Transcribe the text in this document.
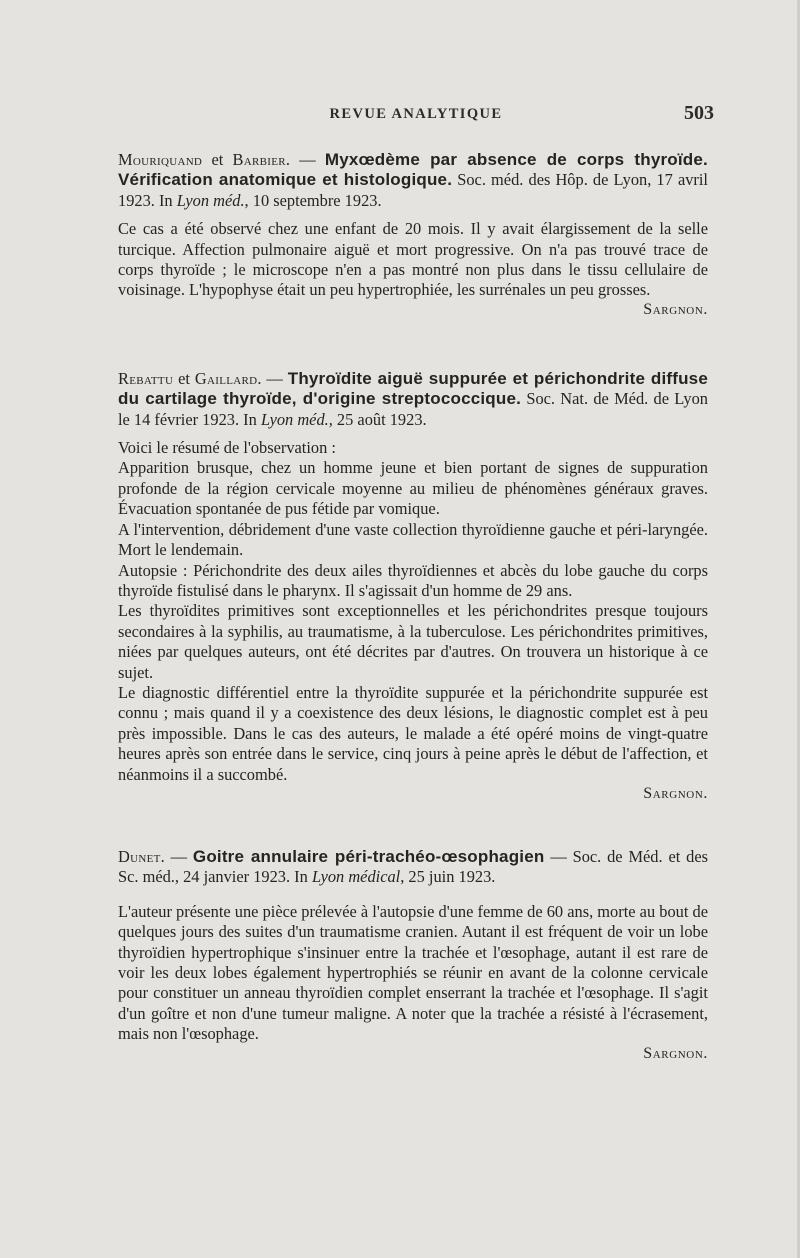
REVUE ANALYTIQUE	503

Mouriquand et Barbier. — Myxœdème par absence de corps thyroïde. Vérification anatomique et histologique. Soc. méd. des Hôp. de Lyon, 17 avril 1923. In Lyon méd., 10 septembre 1923.

Ce cas a été observé chez une enfant de 20 mois. Il y avait élargissement de la selle turcique. Affection pulmonaire aiguë et mort progressive. On n'a pas trouvé trace de corps thyroïde ; le microscope n'en a pas montré non plus dans le tissu cellulaire de voisinage. L'hypophyse était un peu hypertrophiée, les surrénales un peu grosses.

Sargnon.

Rebattu et Gaillard. — Thyroïdite aiguë suppurée et périchondrite diffuse du cartilage thyroïde, d'origine streptococcique. Soc. Nat. de Méd. de Lyon le 14 février 1923. In Lyon méd., 25 août 1923.

Voici le résumé de l'observation :

Apparition brusque, chez un homme jeune et bien portant de signes de suppuration profonde de la région cervicale moyenne au milieu de phénomènes généraux graves. Évacuation spontanée de pus fétide par vomique.

A l'intervention, débridement d'une vaste collection thyroïdienne gauche et péri-laryngée. Mort le lendemain.

Autopsie : Périchondrite des deux ailes thyroïdiennes et abcès du lobe gauche du corps thyroïde fistulisé dans le pharynx. Il s'agissait d'un homme de 29 ans.

Les thyroïdites primitives sont exceptionnelles et les périchondrites presque toujours secondaires à la syphilis, au traumatisme, à la tuberculose. Les périchondrites primitives, niées par quelques auteurs, ont été décrites par d'autres. On trouvera un historique à ce sujet.

Le diagnostic différentiel entre la thyroïdite suppurée et la périchondrite suppurée est connu ; mais quand il y a coexistence des deux lésions, le diagnostic complet est à peu près impossible. Dans le cas des auteurs, le malade a été opéré moins de vingt-quatre heures après son entrée dans le service, cinq jours à peine après le début de l'affection, et néanmoins il a succombé.

Sargnon.

Dunet. — Goitre annulaire péri-trachéo-œsophagien — Soc. de Méd. et des Sc. méd., 24 janvier 1923. In Lyon médical, 25 juin 1923.

L'auteur présente une pièce prélevée à l'autopsie d'une femme de 60 ans, morte au bout de quelques jours des suites d'un traumatisme cranien. Autant il est fréquent de voir un lobe thyroïdien hypertrophique s'insinuer entre la trachée et l'œsophage, autant il est rare de voir les deux lobes également hypertrophiés se réunir en avant de la colonne cervicale pour constituer un anneau thyroïdien complet enserrant la trachée et l'œsophage. Il s'agit d'un goître et non d'une tumeur maligne. A noter que la trachée a résisté à l'écrasement, mais non l'œsophage.

Sargnon.
